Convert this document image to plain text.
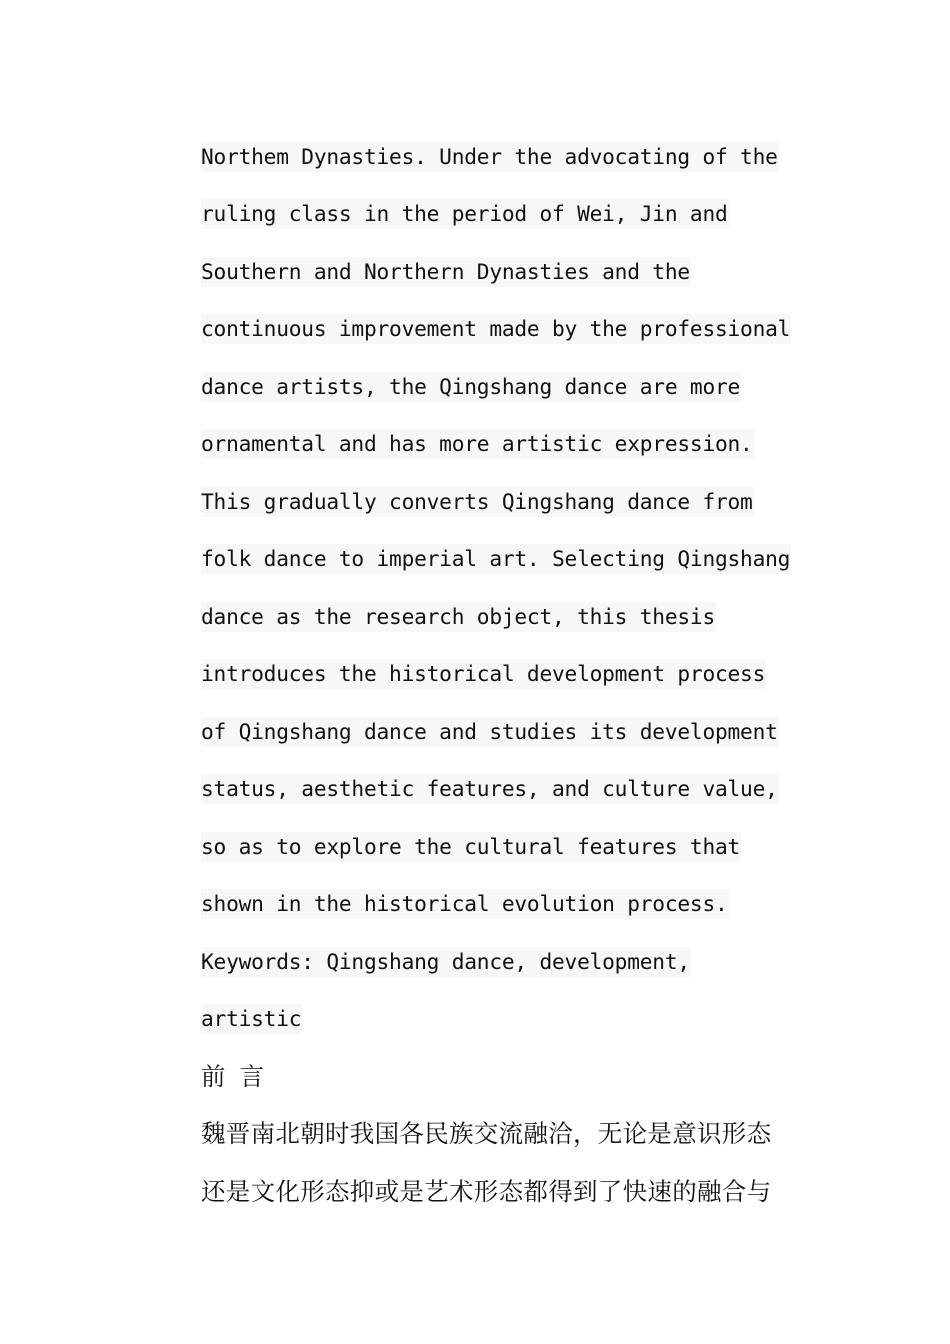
Northem Dynasties. Under the advocating of the
ruling class in the period of Wei, Jin and
Southern and Northern Dynasties and the
continuous improvement made by the professional
dance artists, the Qingshang dance are more
ornamental and has more artistic expression.
This gradually converts Qingshang dance from
folk dance to imperial art. Selecting Qingshang
dance as the research object, this thesis
introduces the historical development process
of Qingshang dance and studies its development
status, aesthetic features, and culture value,
so as to explore the cultural features that
shown in the historical evolution process.
Keywords: Qingshang dance, development,
artistic
前言
魏晋南北朝时我国各民族交流融洽，无论是意识形态
还是文化形态抑或是艺术形态都得到了快速的融合与
